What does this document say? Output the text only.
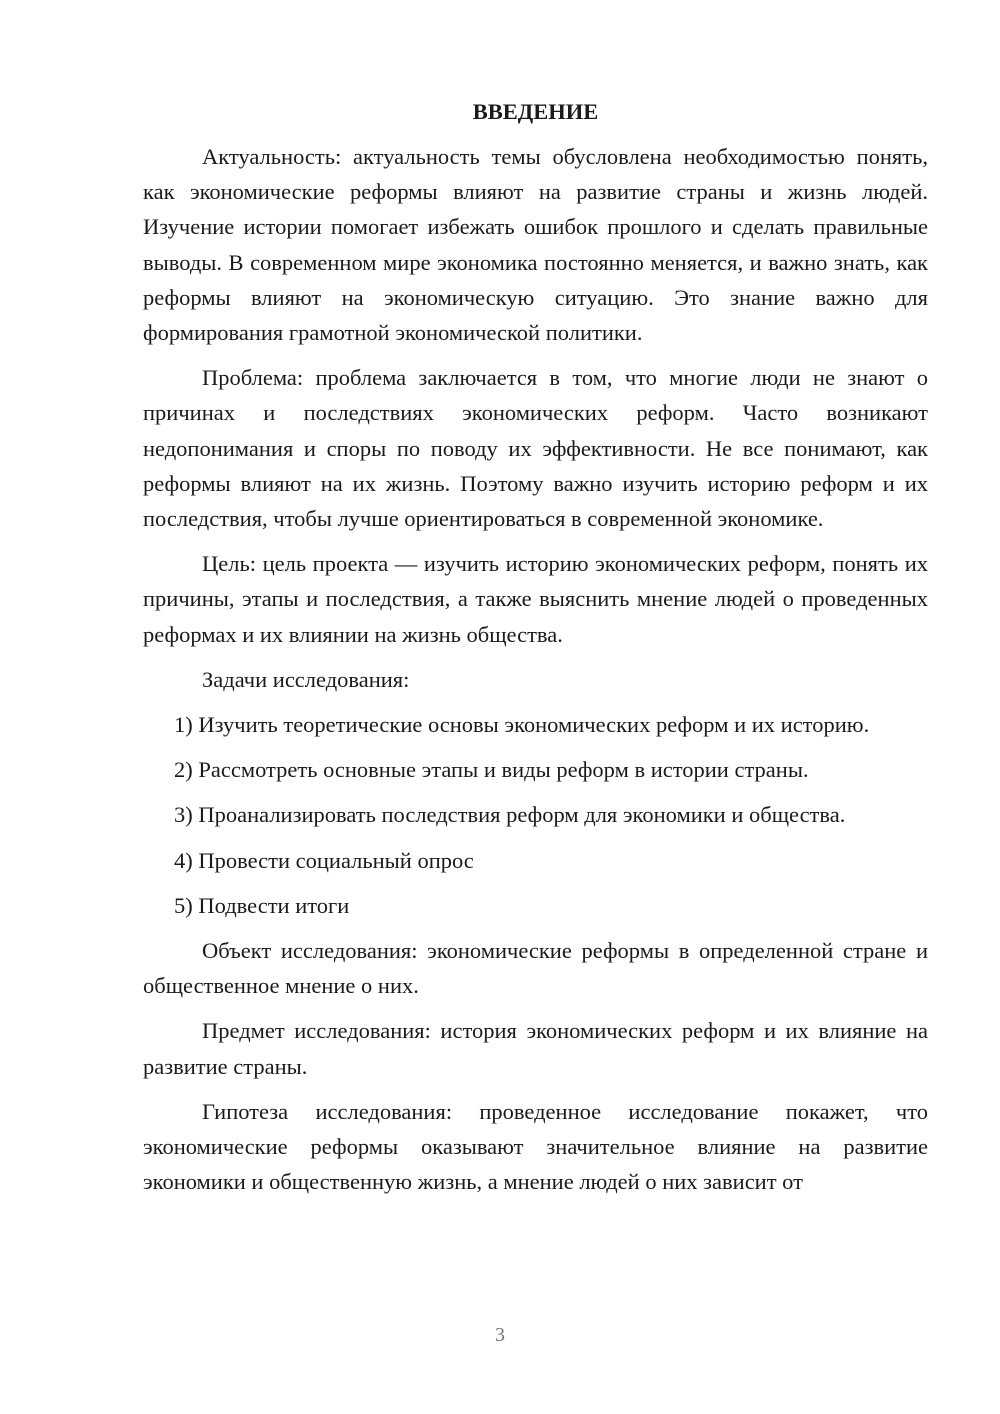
ВВЕДЕНИЕ

Актуальность: актуальность темы обусловлена необходимостью понять, как экономические реформы влияют на развитие страны и жизнь людей. Изучение истории помогает избежать ошибок прошлого и сделать правильные выводы. В современном мире экономика постоянно меняется, и важно знать, как реформы влияют на экономическую ситуацию. Это знание важно для формирования грамотной экономической политики.

Проблема: проблема заключается в том, что многие люди не знают о причинах и последствиях экономических реформ. Часто возникают недопонимания и споры по поводу их эффективности. Не все понимают, как реформы влияют на их жизнь. Поэтому важно изучить историю реформ и их последствия, чтобы лучше ориентироваться в современной экономике.

Цель: цель проекта — изучить историю экономических реформ, понять их причины, этапы и последствия, а также выяснить мнение людей о проведенных реформах и их влиянии на жизнь общества.

Задачи исследования:

1) Изучить теоретические основы экономических реформ и их историю.

2) Рассмотреть основные этапы и виды реформ в истории страны.

3) Проанализировать последствия реформ для экономики и общества.

4) Провести социальный опрос

5) Подвести итоги

Объект исследования: экономические реформы в определенной стране и общественное мнение о них.

Предмет исследования: история экономических реформ и их влияние на развитие страны.

Гипотеза исследования: проведенное исследование покажет, что экономические реформы оказывают значительное влияние на развитие экономики и общественную жизнь, а мнение людей о них зависит от

3
